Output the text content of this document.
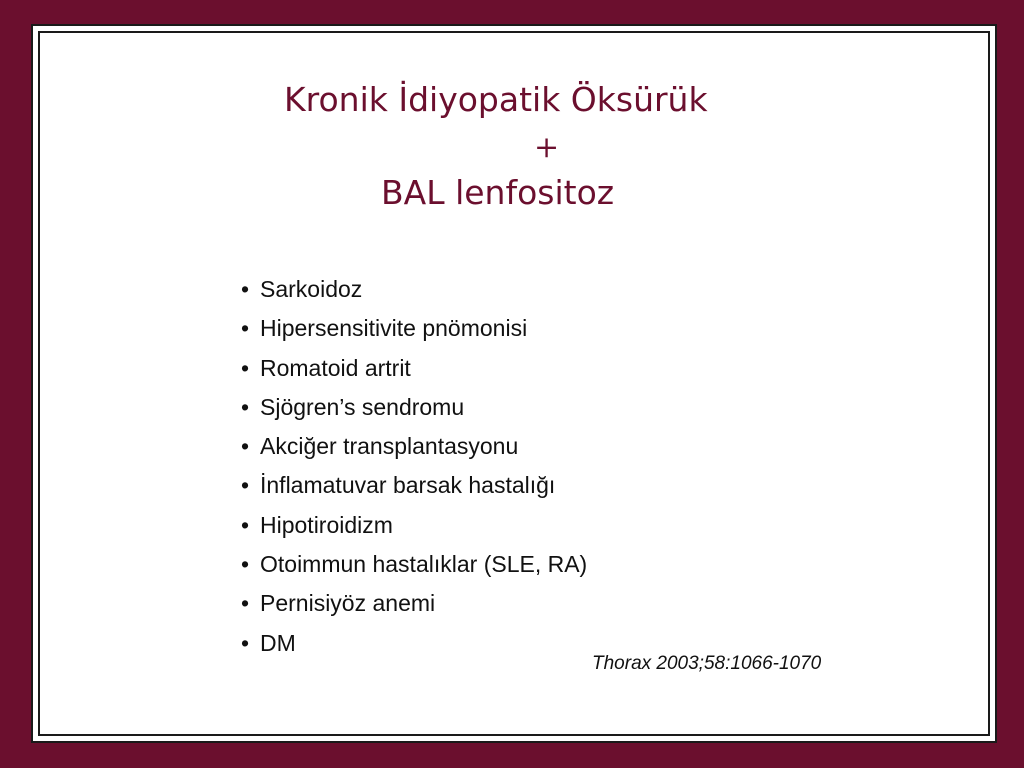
Kronik İdiyopatik Öksürük
+
BAL lenfositoz
• Sarkoidoz
• Hipersensitivite pnömonisi
• Romatoid artrit
• Sjögren’s sendromu
• Akciğer transplantasyonu
• İnflamatuvar barsak hastalığı
• Hipotiroidizm
• Otoimmun hastalıklar (SLE, RA)
• Pernisiyöz anemi
• DM
Thorax 2003;58:1066-1070
